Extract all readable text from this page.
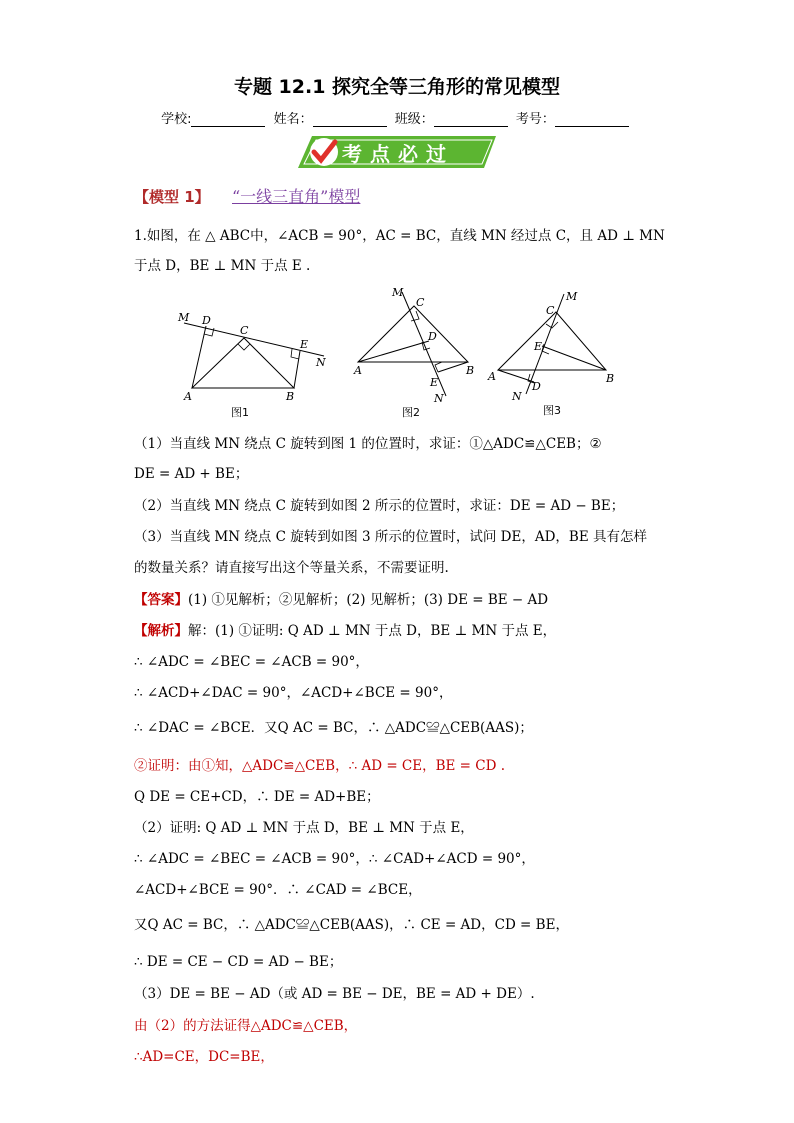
专题 12.1 探究全等三角形的常见模型
学校:	姓名：	班级：	考号：
考点必过
【模型 1】 “一线三直角”模型
1.如图，在 △ ABC中，∠ACB = 90°，AC = BC，直线 MN 经过点 C，且 AD ⊥ MN
于点 D，BE ⊥ MN 于点 E .
M D
C
E
N
A	B
图1
M
C
D
A	B
E
N
图2
C
M
E
A	B
D
N
图3
（1）当直线 MN 绕点 C 旋转到图 1 的位置时，求证：①△ADC≌△CEB；②
DE = AD + BE；
（2）当直线 MN 绕点 C 旋转到如图 2 所示的位置时，求证：DE = AD − BE；
（3）当直线 MN 绕点 C 旋转到如图 3 所示的位置时，试问 DE，AD，BE 具有怎样
的数量关系？请直接写出这个等量关系，不需要证明.
【答案】(1) ①见解析；②见解析；(2) 见解析；(3) DE = BE − AD
【解析】解：(1) ①证明: Q AD ⊥ MN 于点 D，BE ⊥ MN 于点 E，
∴ ∠ADC = ∠BEC = ∠ACB = 90°，
∴ ∠ACD+∠DAC = 90°，∠ACD+∠BCE = 90°，
∴ ∠DAC = ∠BCE．又Q AC = BC，∴ △ADC≌△CEB(AAS)；
②证明：由①知，△ADC≌△CEB，∴ AD = CE，BE = CD .
Q DE = CE+CD，∴ DE = AD+BE；
（2）证明: Q AD ⊥ MN 于点 D，BE ⊥ MN 于点 E，
∴ ∠ADC = ∠BEC = ∠ACB = 90°，∴ ∠CAD+∠ACD = 90°，
∠ACD+∠BCE = 90°．∴ ∠CAD = ∠BCE，
又Q AC = BC，∴ △ADC≌△CEB(AAS)，∴ CE = AD，CD = BE，
∴ DE = CE − CD = AD − BE；
（3）DE = BE − AD（或 AD = BE − DE，BE = AD + DE）.
由（2）的方法证得△ADC≌△CEB，
∴AD=CE，DC=BE，
